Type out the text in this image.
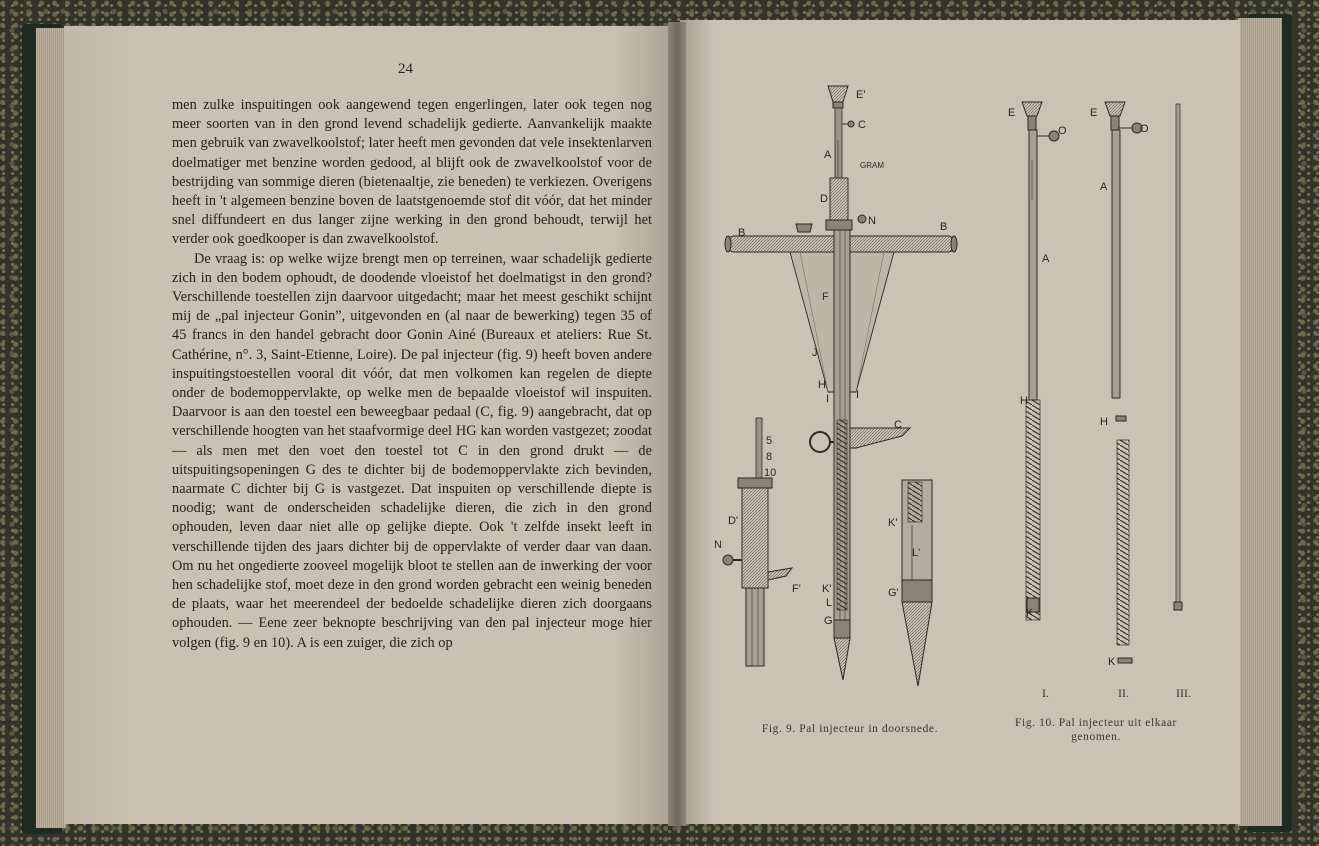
24

men zulke inspuitingen ook aangewend tegen engerlingen, later ook tegen nog meer soorten van in den grond levend schadelijk gedierte. Aanvankelijk maakte men gebruik van zwavelkoolstof; later heeft men gevonden dat vele insektenlarven doelmatiger met benzine worden gedood, al blijft ook de zwavelkoolstof voor de bestrijding van sommige dieren (bietenaaltje, zie beneden) te verkiezen. Overigens heeft in 't algemeen benzine boven de laatstgenoemde stof dit vóór, dat het minder snel diffundeert en dus langer zijne werking in den grond behoudt, terwijl het verder ook goedkooper is dan zwavelkoolstof.

De vraag is: op welke wijze brengt men op terreinen, waar schadelijk gedierte zich in den bodem ophoudt, de doodende vloeistof het doelmatigst in den grond? Verschillende toestellen zijn daarvoor uitgedacht; maar het meest geschikt schijnt mij de „pal injecteur Gonin”, uitgevonden en (al naar de bewerking) tegen 35 of 45 francs in den handel gebracht door Gonin Ainé (Bureaux et ateliers: Rue St. Cathérine, n°. 3, Saint-Etienne, Loire). De pal injecteur (fig. 9) heeft boven andere inspuitingstoestellen vooral dit vóór, dat men volkomen kan regelen de diepte onder de bodemoppervlakte, op welke men de bepaalde vloeistof wil inspuiten. Daarvoor is aan den toestel een beweegbaar pedaal (C, fig. 9) aangebracht, dat op verschillende hoogten van het staafvormige deel HG kan worden vastgezet; zoodat — als men met den voet den toestel tot C in den grond drukt — de uitspuitingsopeningen G des te dichter bij de bodemoppervlakte zich bevinden, naarmate C dichter bij G is vastgezet. Dat inspuiten op verschillende diepte is noodig; want de onderscheiden schadelijke dieren, die zich in den grond ophouden, leven daar niet alle op gelijke diepte. Ook 't zelfde insekt leeft in verschillende tijden des jaars dichter bij de oppervlakte of verder daar van daan. Om nu het ongedierte zooveel mogelijk bloot te stellen aan de inwerking der voor hen schadelijke stof, moet deze in den grond worden gebracht een weinig beneden de plaats, waar het meerendeel der bedoelde schadelijke dieren zich doorgaans ophouden. — Eene zeer beknopte beschrijving van den pal injecteur moge hier volgen (fig. 9 en 10). A is een zuiger, die zich op

E'
C
A
GRAM
D
N
B	B
F
J
H
I I
C
K'
L
G
5
8
10
D'
N
F'
K'
L'
G'
E
O
A
H
K
E
O
A
H
K
I.	II.	III.
Fig. 9. Pal injecteur in doorsnede.	Fig. 10. Pal injecteur uit elkaar genomen.
